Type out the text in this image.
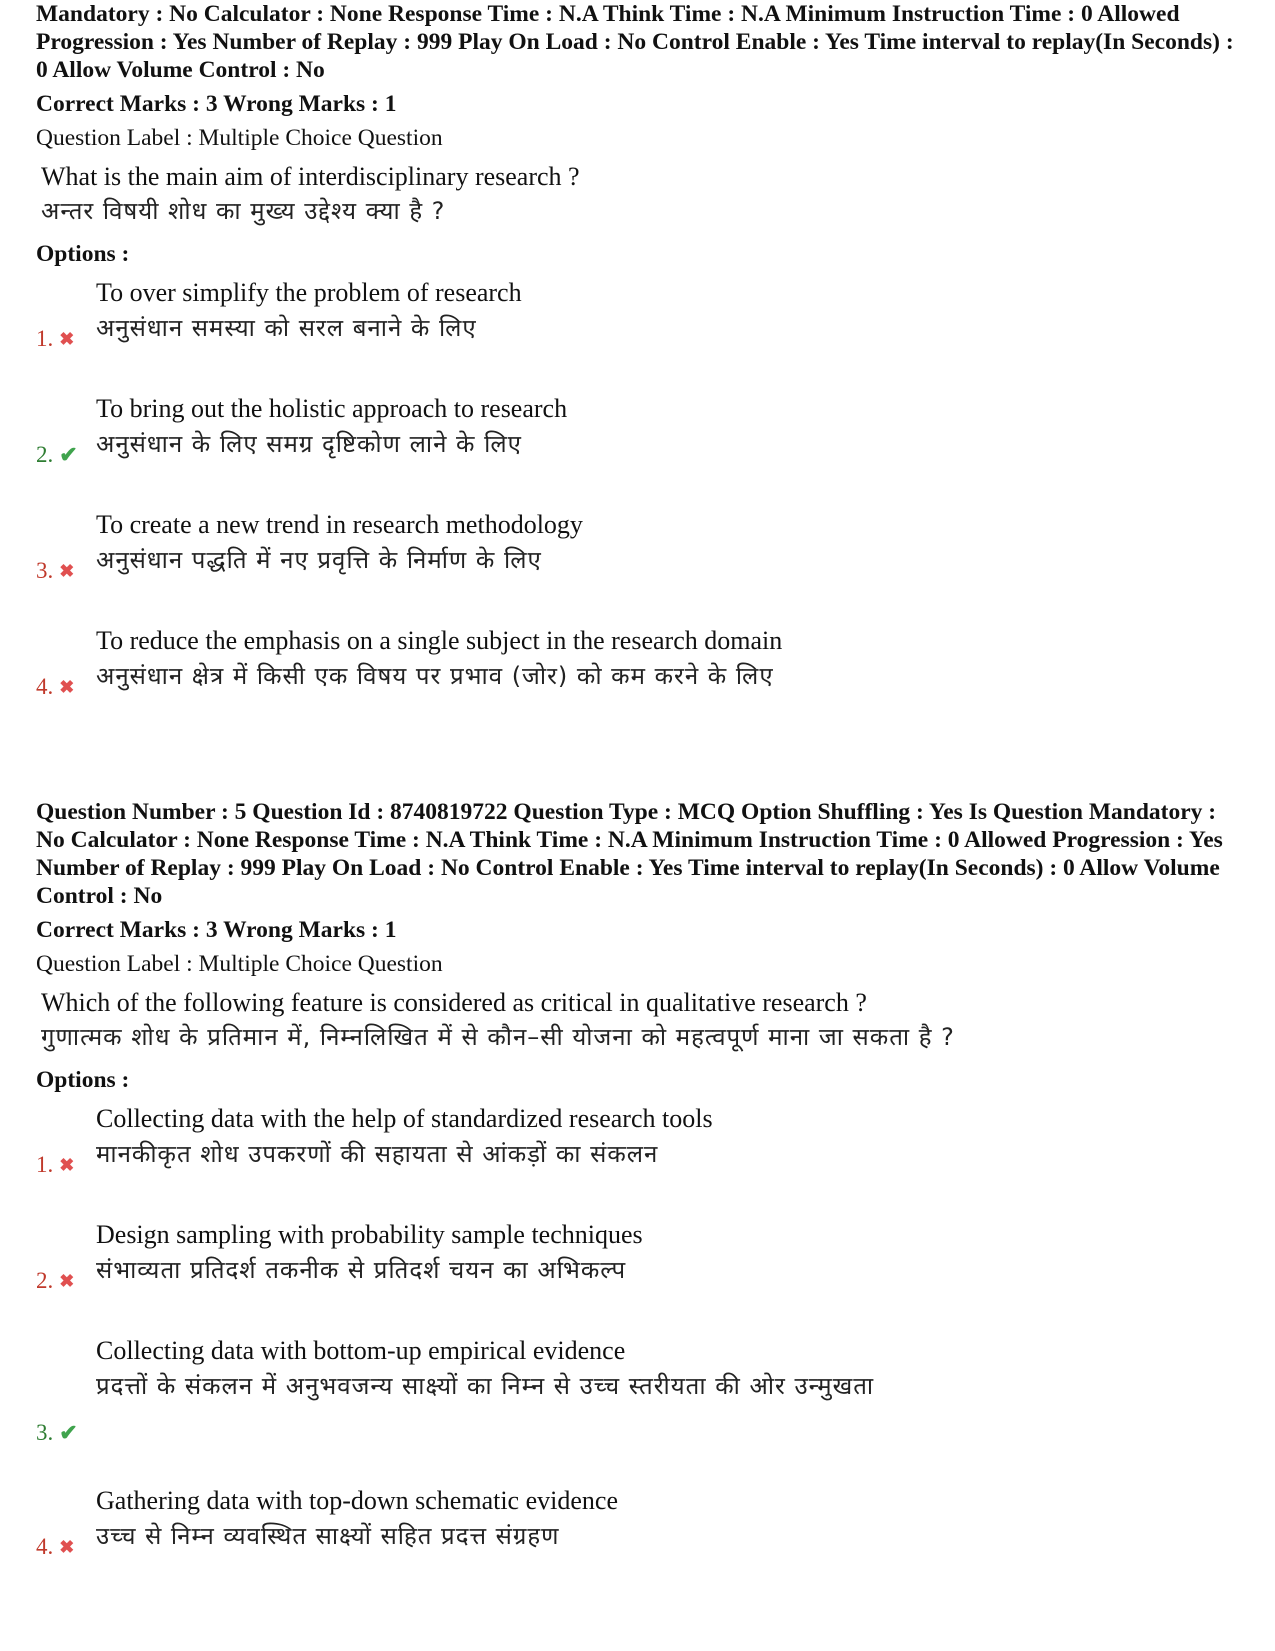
Mandatory : No Calculator : None Response Time : N.A Think Time : N.A Minimum Instruction Time : 0 Allowed Progression : Yes Number of Replay : 999 Play On Load : No Control Enable : Yes Time interval to replay(In Seconds) : 0 Allow Volume Control : No

Correct Marks : 3 Wrong Marks : 1

Question Label : Multiple Choice Question

What is the main aim of interdisciplinary research ?
अन्तर विषयी शोध का मुख्य उद्देश्य क्या है ?

Options :

To over simplify the problem of research
अनुसंधान समस्या को सरल बनाने के लिए
1. ✖
To bring out the holistic approach to research
अनुसंधान के लिए समग्र दृष्टिकोण लाने के लिए
2. ✔
To create a new trend in research methodology
अनुसंधान पद्धति में नए प्रवृत्ति के निर्माण के लिए
3. ✖
To reduce the emphasis on a single subject in the research domain
अनुसंधान क्षेत्र में किसी एक विषय पर प्रभाव (जोर) को कम करने के लिए
4. ✖

Question Number : 5 Question Id : 8740819722 Question Type : MCQ Option Shuffling : Yes Is Question Mandatory : No Calculator : None Response Time : N.A Think Time : N.A Minimum Instruction Time : 0 Allowed Progression : Yes Number of Replay : 999 Play On Load : No Control Enable : Yes Time interval to replay(In Seconds) : 0 Allow Volume Control : No

Correct Marks : 3 Wrong Marks : 1

Question Label : Multiple Choice Question

Which of the following feature is considered as critical in qualitative research ?
गुणात्मक शोध के प्रतिमान में, निम्नलिखित में से कौन–सी योजना को महत्वपूर्ण माना जा सकता है ?

Options :

Collecting data with the help of standardized research tools
मानकीकृत शोध उपकरणों की सहायता से आंकड़ों का संकलन
1. ✖
Design sampling with probability sample techniques
संभाव्यता प्रतिदर्श तकनीक से प्रतिदर्श चयन का अभिकल्प
2. ✖
Collecting data with bottom-up empirical evidence
प्रदत्तों के संकलन में अनुभवजन्य साक्ष्यों का निम्न से उच्च स्तरीयता की ओर उन्मुखता
3. ✔
Gathering data with top-down schematic evidence
उच्च से निम्न व्यवस्थित साक्ष्यों सहित प्रदत्त संग्रहण
4. ✖
